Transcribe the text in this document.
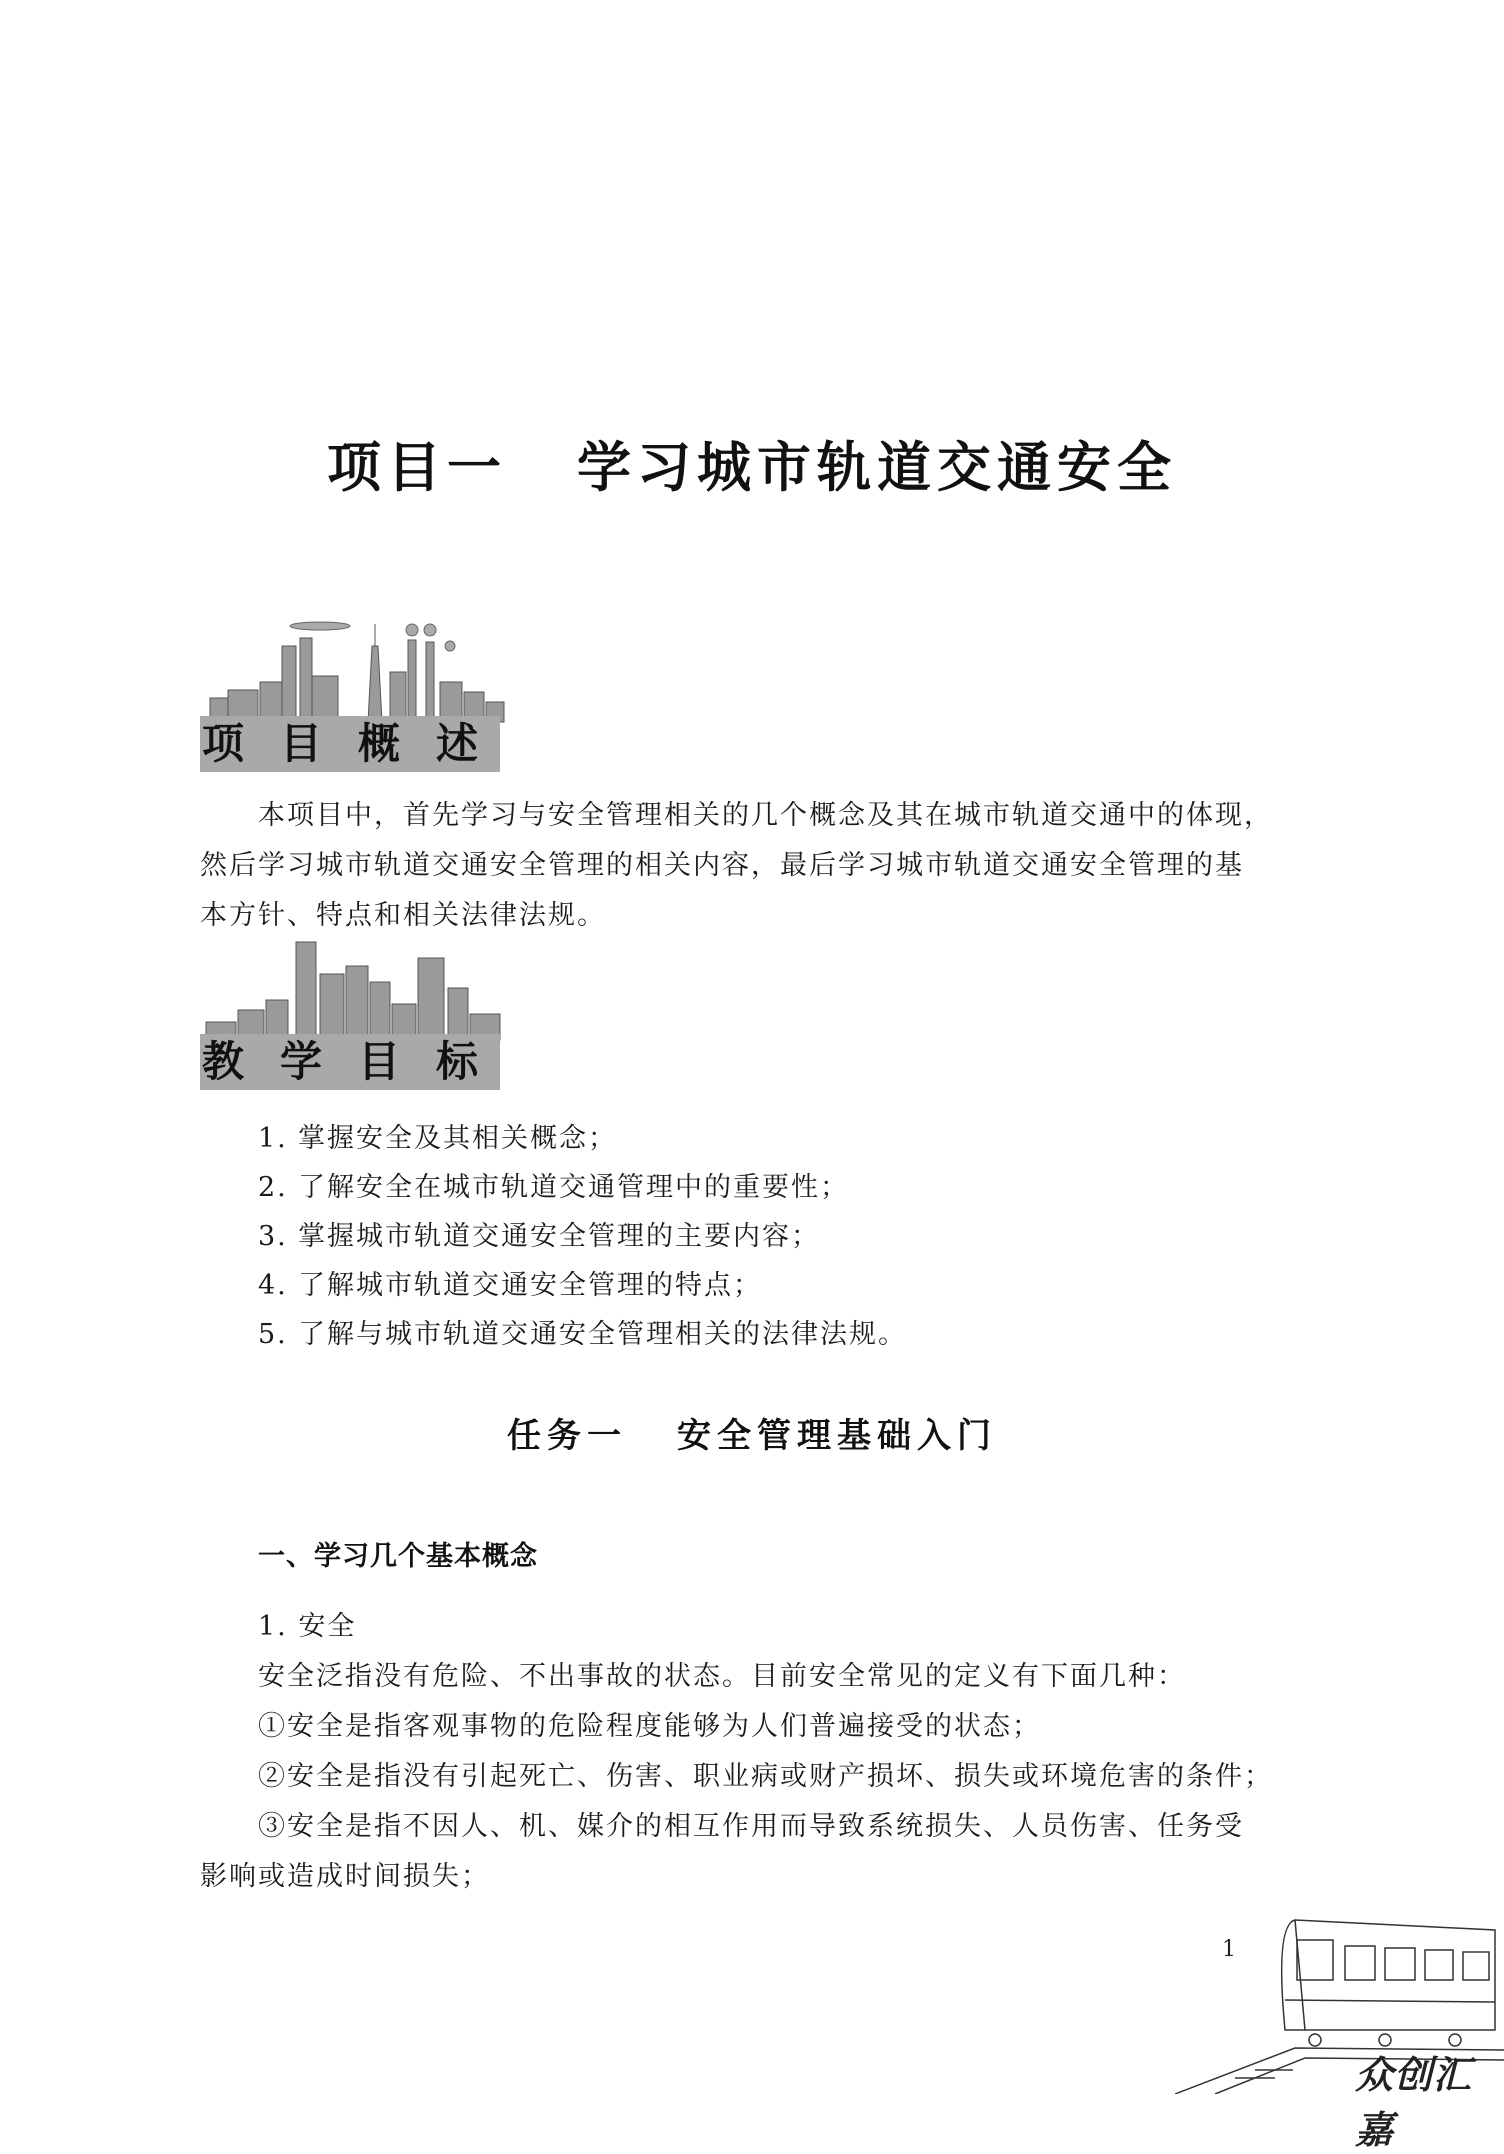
项目一 学习城市轨道交通安全
项目概述
本项目中，首先学习与安全管理相关的几个概念及其在城市轨道交通中的体现，
然后学习城市轨道交通安全管理的相关内容，最后学习城市轨道交通安全管理的基
本方针、特点和相关法律法规。
教学目标
1. 掌握安全及其相关概念；
2. 了解安全在城市轨道交通管理中的重要性；
3. 掌握城市轨道交通安全管理的主要内容；
4. 了解城市轨道交通安全管理的特点；
5. 了解与城市轨道交通安全管理相关的法律法规。
任务一 安全管理基础入门
一、学习几个基本概念
1. 安全
安全泛指没有危险、不出事故的状态。目前安全常见的定义有下面几种：
①安全是指客观事物的危险程度能够为人们普遍接受的状态；
②安全是指没有引起死亡、伤害、职业病或财产损坏、损失或环境危害的条件；
③安全是指不因人、机、媒介的相互作用而导致系统损失、人员伤害、任务受
影响或造成时间损失；
1
众创汇嘉
